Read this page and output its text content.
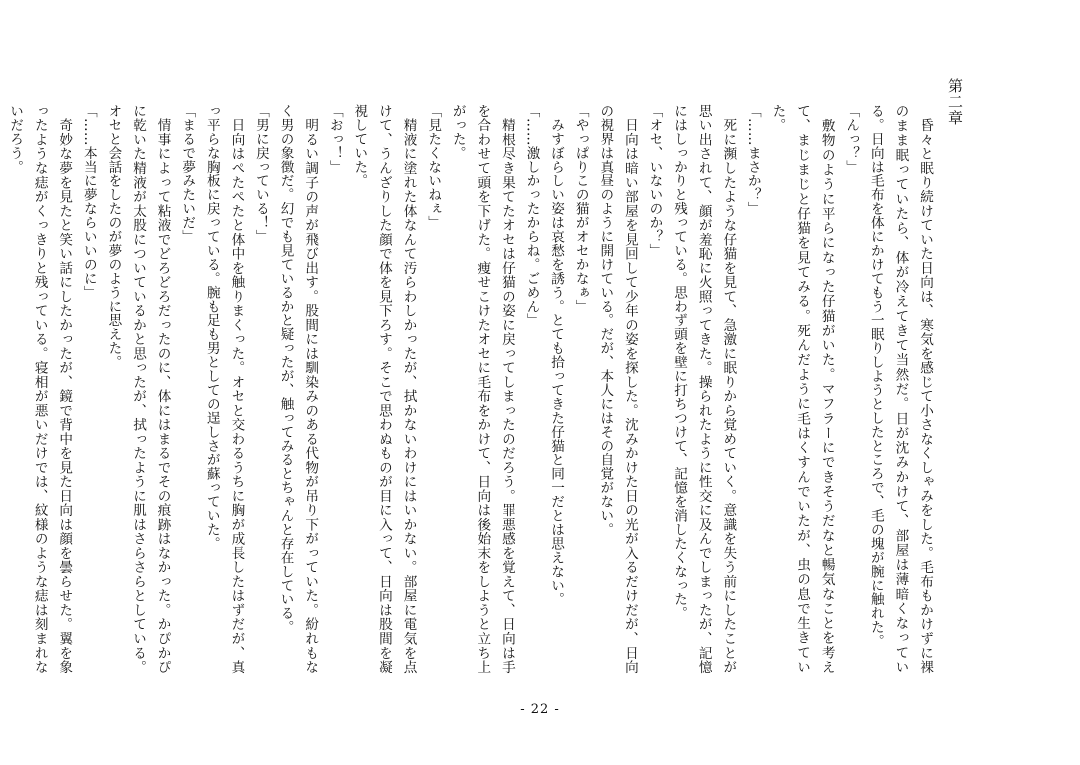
第二章

　昏々と眠り続けていた日向は、寒気を感じて小さなくしゃみをした。毛布もかけずに裸のまま眠っていたら、体が冷えてきて当然だ。日が沈みかけて、部屋は薄暗くなっている。日向は毛布を体にかけてもう一眠りしようとしたところで、毛の塊が腕に触れた。

「んっ？」

　敷物のように平らになった仔猫がいた。マフラーにできそうだなと暢気なことを考えて、まじまじと仔猫を見てみる。死んだように毛はくすんでいたが、虫の息で生きていた。

「……まさか？」

　死に瀕したような仔猫を見て、急激に眠りから覚めていく。意識を失う前にしたことが思い出されて、顔が羞恥に火照ってきた。操られたように性交に及んでしまったが、記憶にはしっかりと残っている。思わず頭を壁に打ちつけて、記憶を消したくなった。

「オセ、いないのか？」

　日向は暗い部屋を見回して少年の姿を探した。沈みかけた日の光が入るだけだが、日向の視界は真昼のように開けている。だが、本人にはその自覚がない。

「やっぱりこの猫がオセかなぁ」

　みすぼらしい姿は哀愁を誘う。とても拾ってきた仔猫と同一だとは思えない。

「……激しかったからね。ごめん」

　精根尽き果てたオセは仔猫の姿に戻ってしまったのだろう。罪悪感を覚えて、日向は手を合わせて頭を下げた。痩せこけたオセに毛布をかけて、日向は後始末をしようと立ち上がった。

「見たくないねぇ」

　精液に塗れた体なんて汚らわしかったが、拭かないわけにはいかない。部屋に電気を点けて、うんざりした顔で体を見下ろす。そこで思わぬものが目に入って、日向は股間を凝視していた。

「おっ！」

　明るい調子の声が飛び出す。股間には馴染みのある代物が吊り下がっていた。紛れもなく男の象徴だ。幻でも見ているかと疑ったが、触ってみるとちゃんと存在している。

「男に戻っている！」

　日向はぺたぺたと体中を触りまくった。オセと交わるうちに胸が成長したはずだが、真っ平らな胸板に戻っている。腕も足も男としての逞しさが蘇っていた。

「まるで夢みたいだ」

　情事によって粘液でどろどろだったのに、体にはまるでその痕跡はなかった。かぴかぴに乾いた精液が太股についているかと思ったが、拭ったように肌はさらさらとしている。オセと会話をしたのが夢のように思えた。

「……本当に夢ならいいのに」

　奇妙な夢を見たと笑い話にしたかったが、鏡で背中を見た日向は顔を曇らせた。翼を象ったような痣がくっきりと残っている。寝相が悪いだけでは、紋様のような痣は刻まれないだろう。

- 22 -
